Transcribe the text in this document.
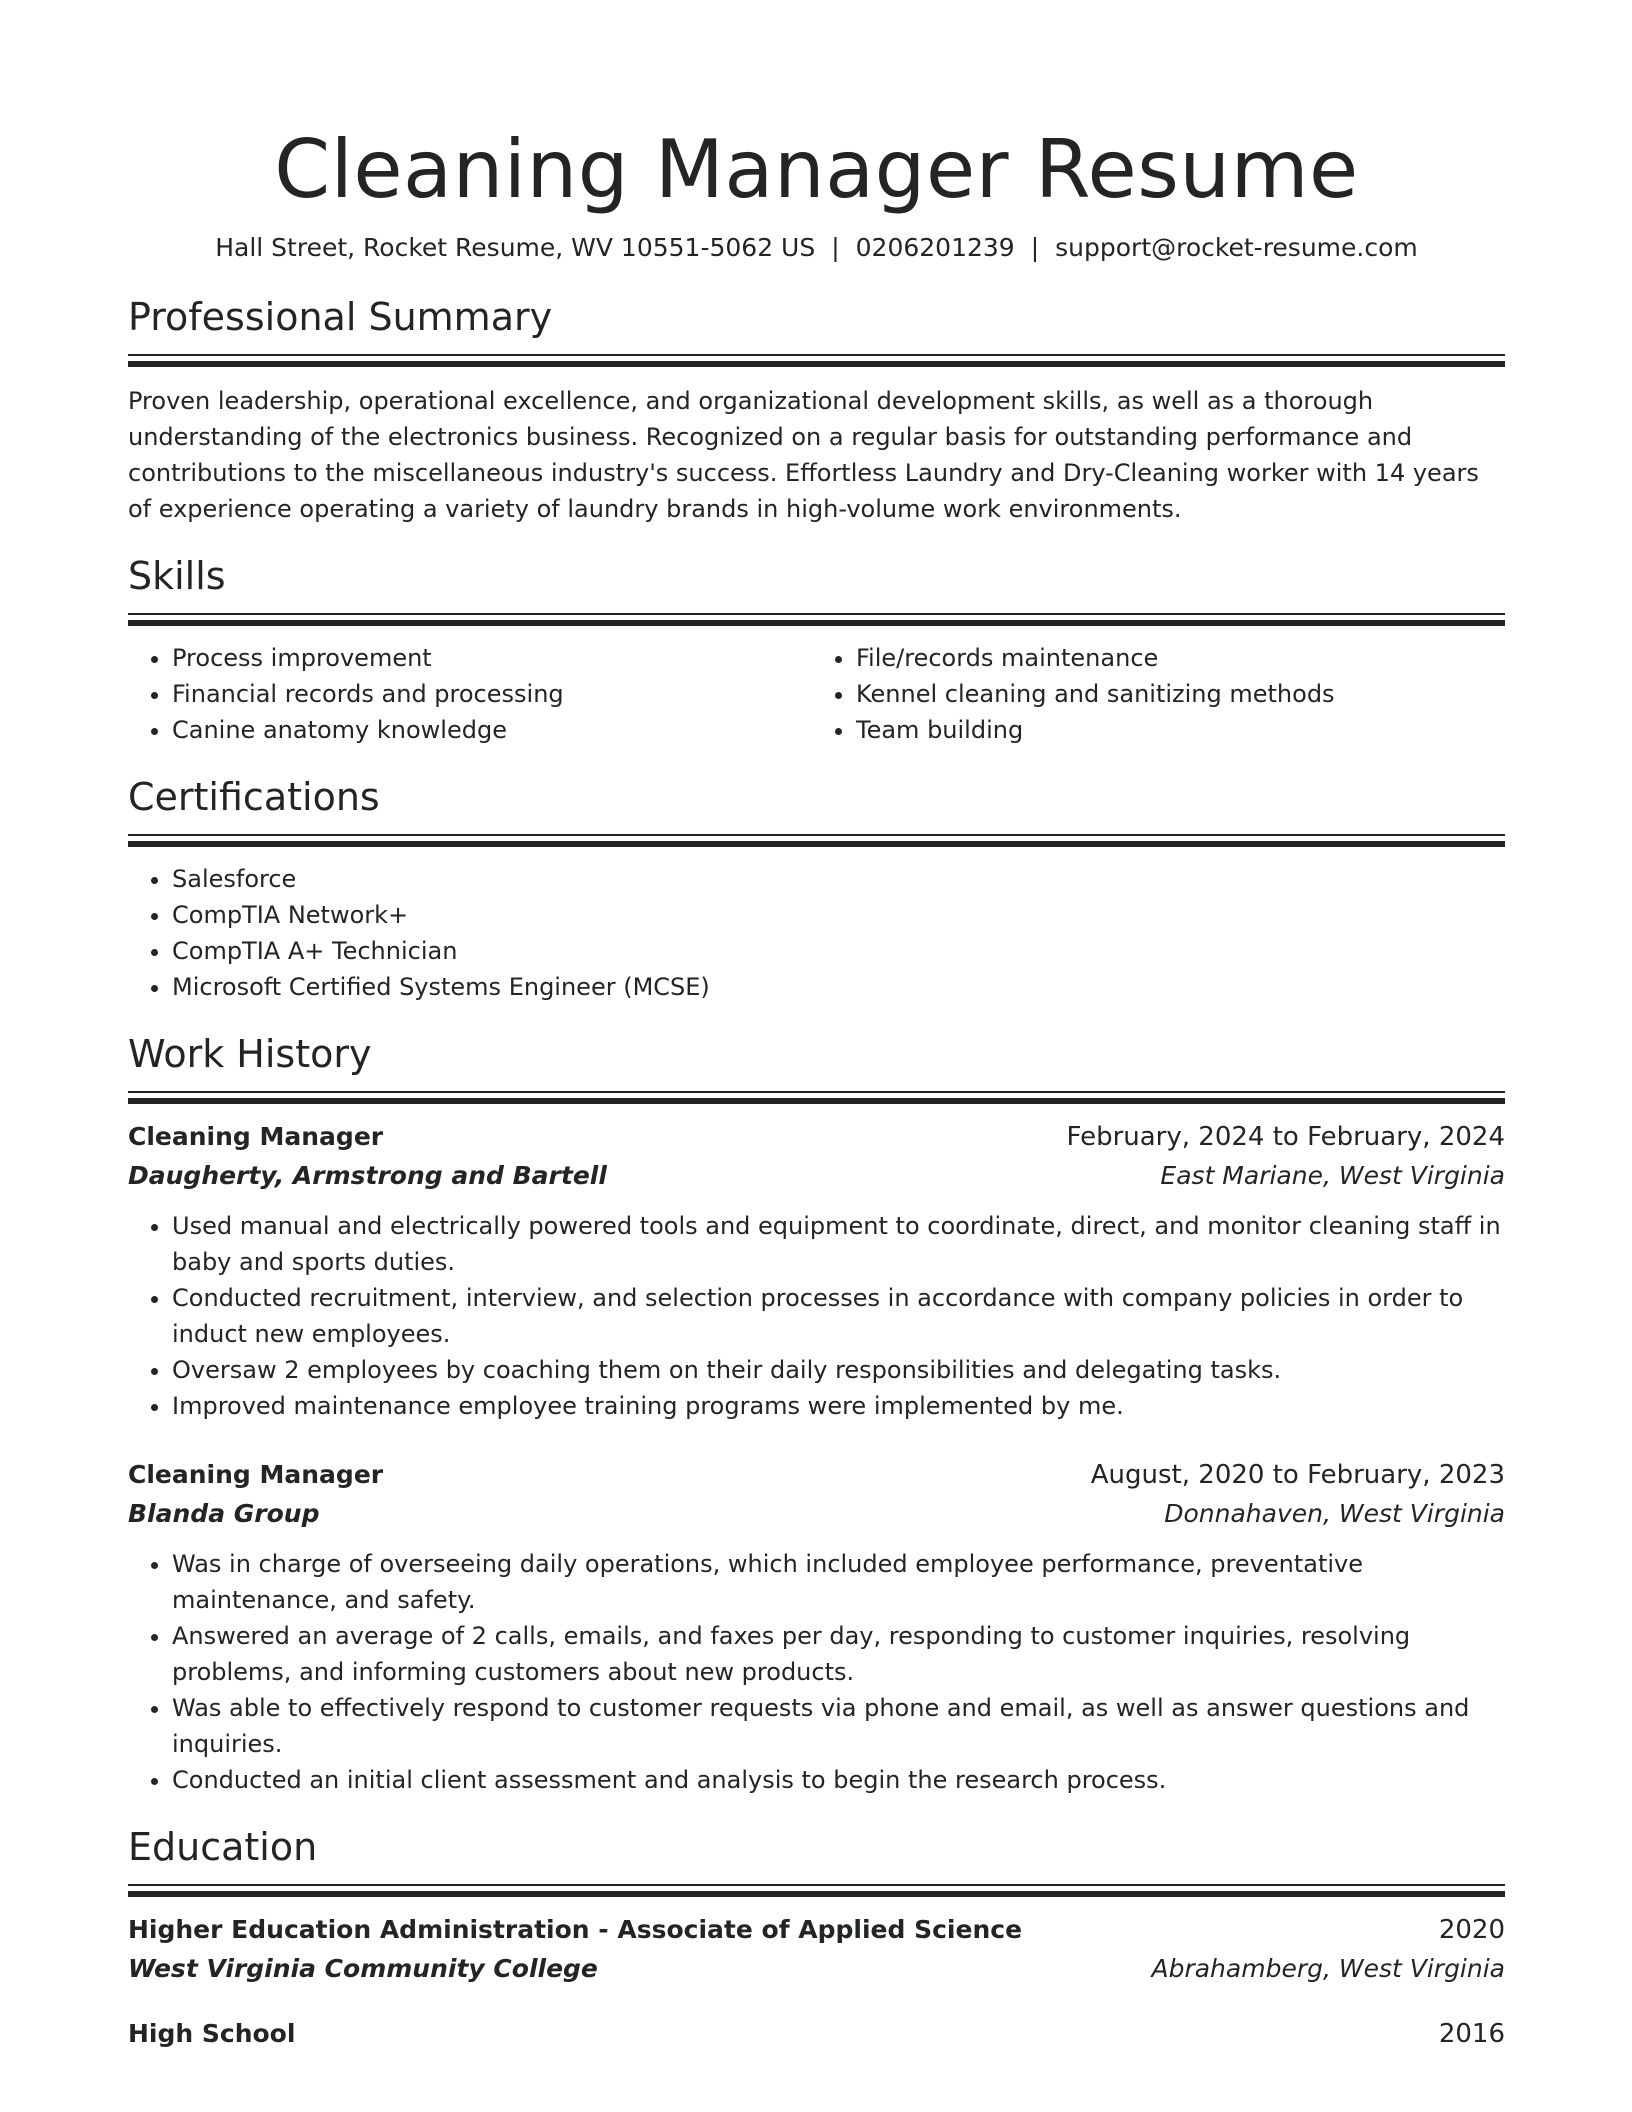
Cleaning Manager Resume
Hall Street, Rocket Resume, WV 10551-5062 US | 0206201239 | support@rocket-resume.com
Professional Summary
Proven leadership, operational excellence, and organizational development skills, as well as a thorough understanding of the electronics business. Recognized on a regular basis for outstanding performance and contributions to the miscellaneous industry's success. Effortless Laundry and Dry-Cleaning worker with 14 years of experience operating a variety of laundry brands in high-volume work environments.
Skills
• Process improvement
• Financial records and processing
• Canine anatomy knowledge
• File/records maintenance
• Kennel cleaning and sanitizing methods
• Team building
Certifications
• Salesforce
• CompTIA Network+
• CompTIA A+ Technician
• Microsoft Certified Systems Engineer (MCSE)
Work History
Cleaning Manager	February, 2024 to February, 2024
Daugherty, Armstrong and Bartell	East Mariane, West Virginia
• Used manual and electrically powered tools and equipment to coordinate, direct, and monitor cleaning staff in baby and sports duties.
• Conducted recruitment, interview, and selection processes in accordance with company policies in order to induct new employees.
• Oversaw 2 employees by coaching them on their daily responsibilities and delegating tasks.
• Improved maintenance employee training programs were implemented by me.
Cleaning Manager	August, 2020 to February, 2023
Blanda Group	Donnahaven, West Virginia
• Was in charge of overseeing daily operations, which included employee performance, preventative maintenance, and safety.
• Answered an average of 2 calls, emails, and faxes per day, responding to customer inquiries, resolving problems, and informing customers about new products.
• Was able to effectively respond to customer requests via phone and email, as well as answer questions and inquiries.
• Conducted an initial client assessment and analysis to begin the research process.
Education
Higher Education Administration - Associate of Applied Science	2020
West Virginia Community College	Abrahamberg, West Virginia
High School	2016
